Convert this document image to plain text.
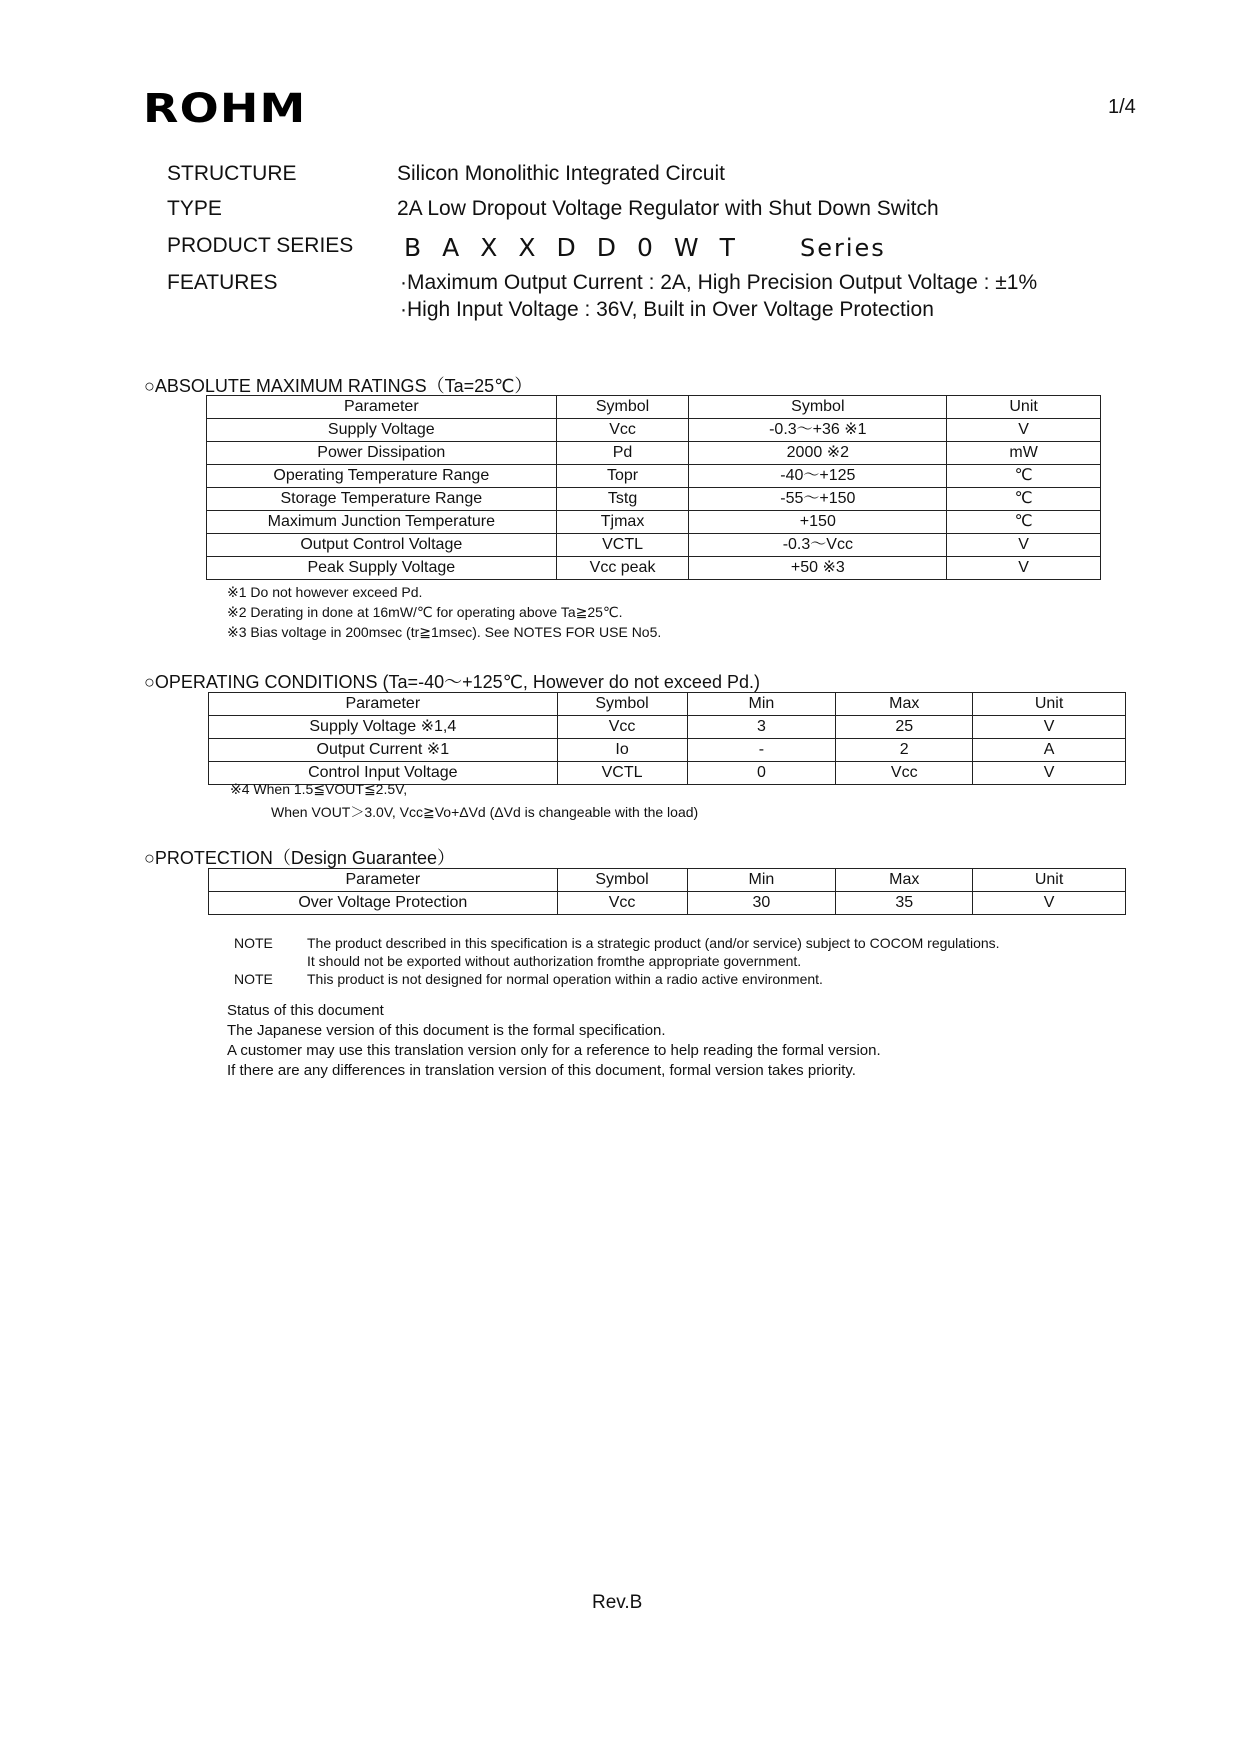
ROHM	1/4
STRUCTURE	Silicon Monolithic Integrated Circuit
TYPE	2A Low Dropout Voltage Regulator with Shut Down Switch
PRODUCT SERIES BAXXDD0WT Series
FEATURES	·Maximum Output Current : 2A, High Precision Output Voltage : ±1%
·High Input Voltage : 36V, Built in Over Voltage Protection
○ABSOLUTE MAXIMUM RATINGS（Ta=25℃）
Parameter	Symbol	Symbol	Unit
Supply Voltage	Vcc	-0.3～+36 ※1	V
Power Dissipation	Pd	2000 ※2	mW
Operating Temperature Range	Topr	-40～+125	℃
Storage Temperature Range	Tstg	-55～+150	℃
Maximum Junction Temperature	Tjmax	+150	℃
Output Control Voltage	VCTL	-0.3～Vcc	V
Peak Supply Voltage	Vcc peak	+50 ※3	V
※1 Do not however exceed Pd.
※2 Derating in done at 16mW/℃ for operating above Ta≧25℃.
※3 Bias voltage in 200msec (tr≧1msec). See NOTES FOR USE No5.
○OPERATING CONDITIONS (Ta=-40～+125℃, However do not exceed Pd.)
Parameter	Symbol	Min	Max	Unit
Supply Voltage ※1,4	Vcc	3	25	V
Output Current ※1	Io	-	2	A
Control Input Voltage	VCTL	0	Vcc	V
※4 When 1.5≦VOUT≦2.5V,
When VOUT＞3.0V, Vcc≧Vo+ΔVd (ΔVd is changeable with the load)
○PROTECTION（Design Guarantee）
Parameter	Symbol	Min	Max	Unit
Over Voltage Protection	Vcc	30	35	V
NOTE The product described in this specification is a strategic product (and/or service) subject to COCOM regulations.
It should not be exported without authorization fromthe appropriate government.
NOTE This product is not designed for normal operation within a radio active environment.
Status of this document
The Japanese version of this document is the formal specification.
A customer may use this translation version only for a reference to help reading the formal version.
If there are any differences in translation version of this document, formal version takes priority.
Rev.B
